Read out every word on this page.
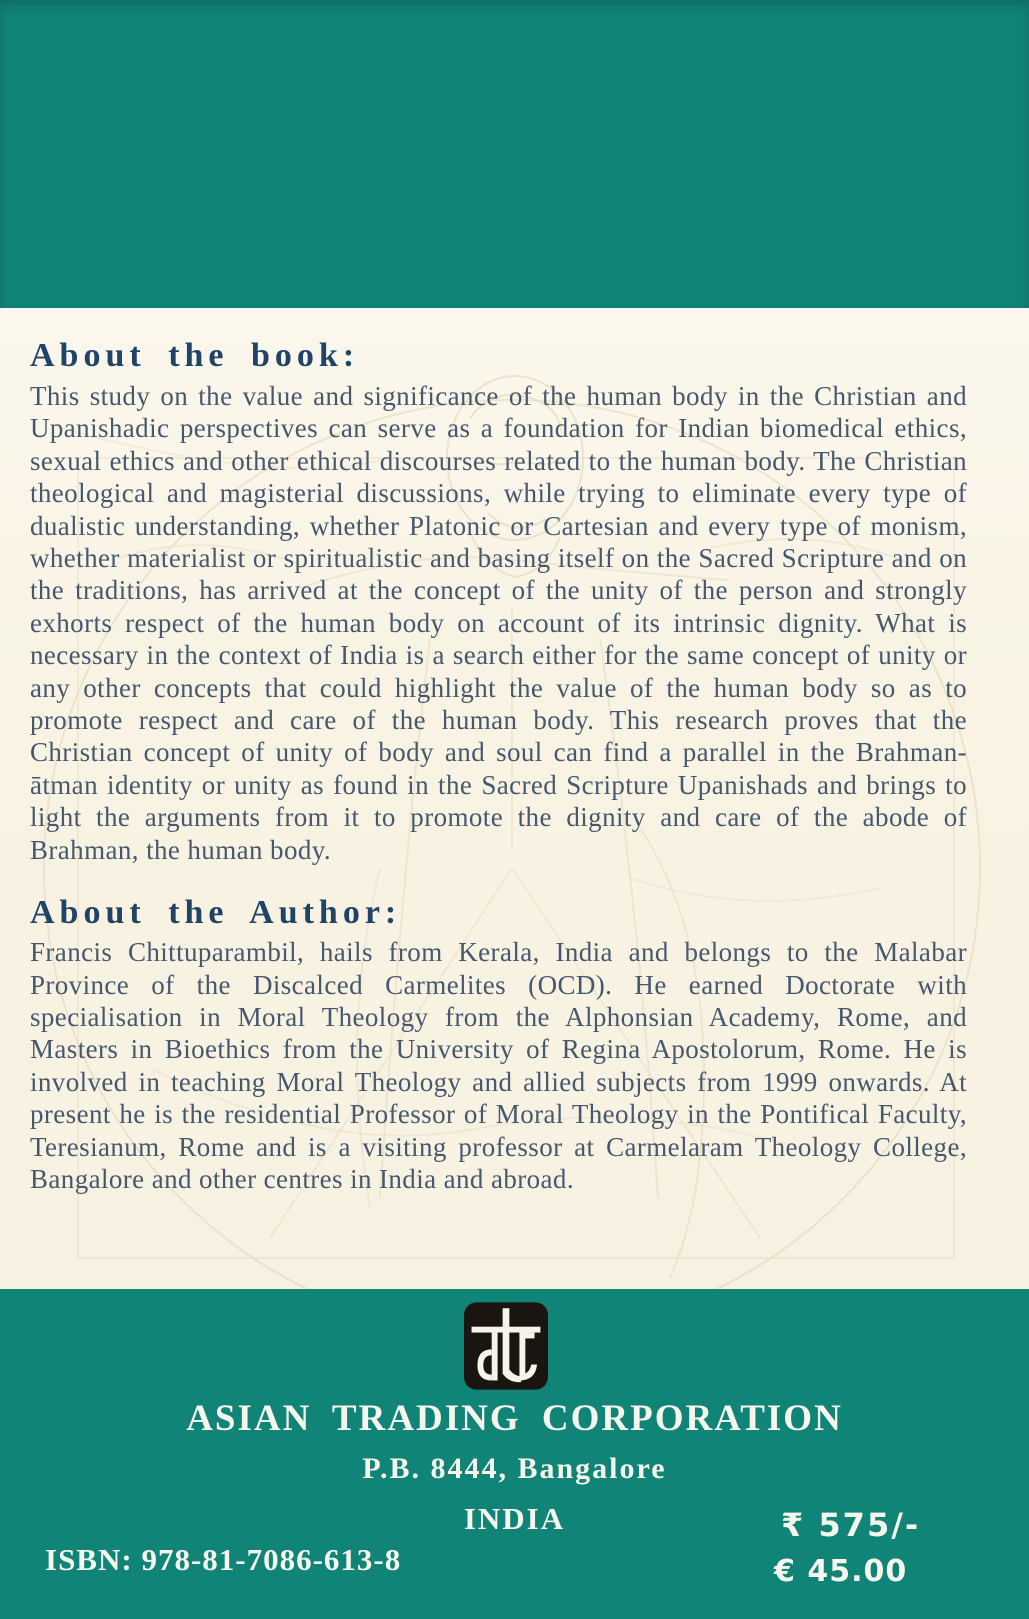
About the book:

This study on the value and significance of the human body in the Christian and Upanishadic perspectives can serve as a foundation for Indian biomedical ethics, sexual ethics and other ethical discourses related to the human body. The Christian theological and magisterial discussions, while trying to eliminate every type of dualistic understanding, whether Platonic or Cartesian and every type of monism, whether materialist or spiritualistic and basing itself on the Sacred Scripture and on the traditions, has arrived at the concept of the unity of the person and strongly exhorts respect of the human body on account of its intrinsic dignity. What is necessary in the context of India is a search either for the same concept of unity or any other concepts that could highlight the value of the human body so as to promote respect and care of the human body. This research proves that the Christian concept of unity of body and soul can find a parallel in the Brahman-ātman identity or unity as found in the Sacred Scripture Upanishads and brings to light the arguments from it to promote the dignity and care of the abode of Brahman, the human body.

About the Author:

Francis Chittuparambil, hails from Kerala, India and belongs to the Malabar Province of the Discalced Carmelites (OCD). He earned Doctorate with specialisation in Moral Theology from the Alphonsian Academy, Rome, and Masters in Bioethics from the University of Regina Apostolorum, Rome. He is involved in teaching Moral Theology and allied subjects from 1999 onwards. At present he is the residential Professor of Moral Theology in the Pontifical Faculty, Teresianum, Rome and is a visiting professor at Carmelaram Theology College, Bangalore and other centres in India and abroad.

ASIAN TRADING CORPORATION
P.B. 8444, Bangalore
INDIA
ISBN: 978-81-7086-613-8
₹ 575/-
€ 45.00
